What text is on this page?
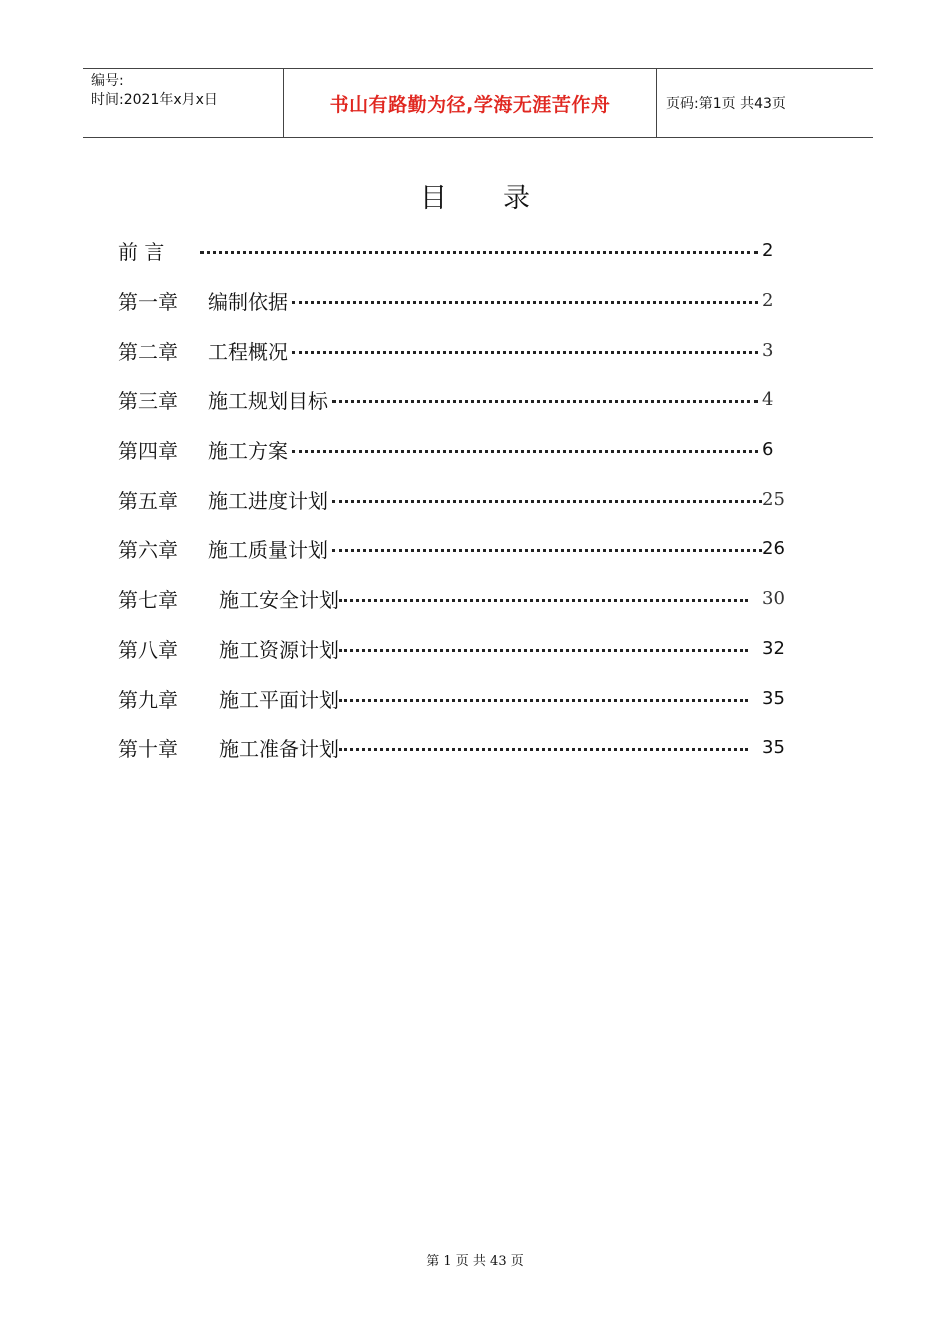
编号:
时间:2021年x月x日	书山有路勤为径,学海无涯苦作舟	页码:第1页 共43页
目录
前 言	2
第一章	编制依据	2
第二章	工程概况	3
第三章	施工规划目标	4
第四章	施工方案	6
第五章	施工进度计划	25
第六章	施工质量计划	26
第七章	施工安全计划	30
第八章	施工资源计划	32
第九章	施工平面计划	35
第十章	施工准备计划	35
第 1 页 共 43 页
